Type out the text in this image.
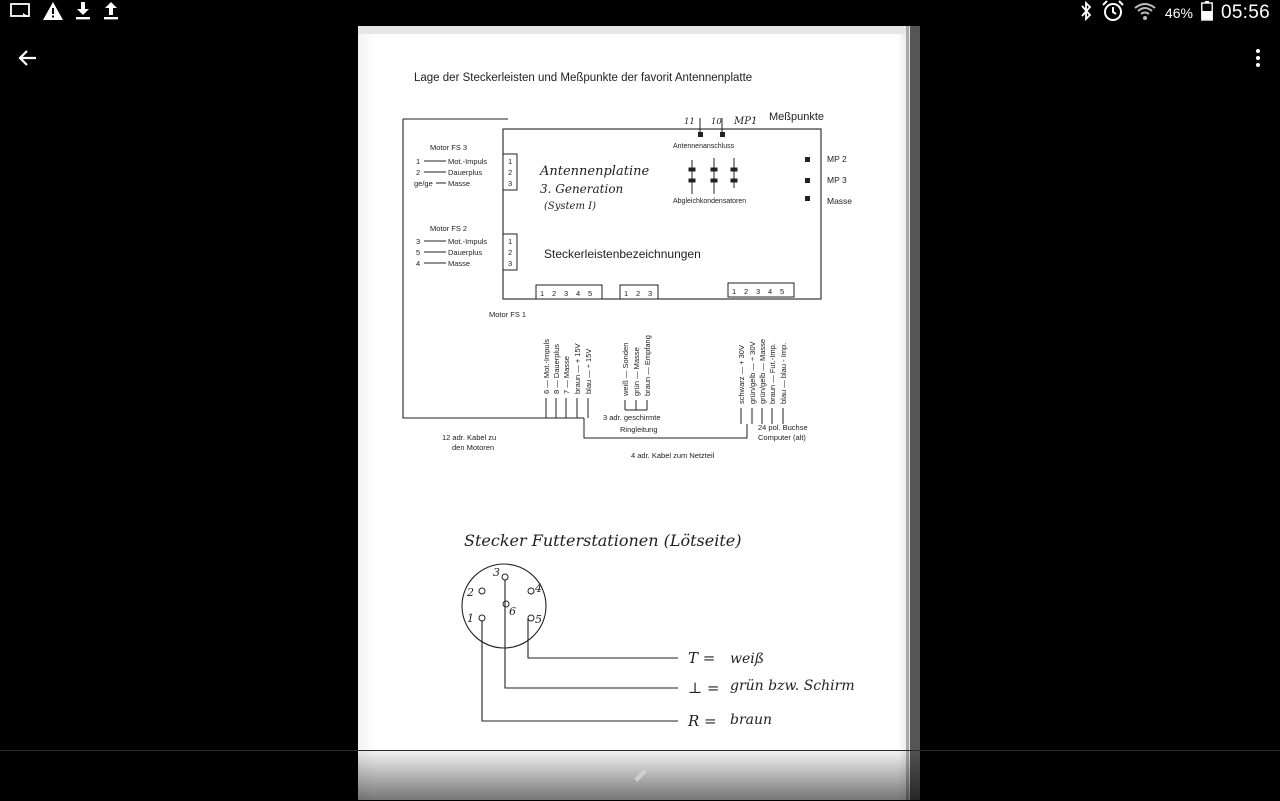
46% 05:56
Lage der Steckerleisten und Meßpunkte der favorit Antennenplatte
Meßpunkte
11 10 MP1
Antennenanschluss
Abgleichkondensatoren
MP 2
MP 3
Masse
Antennenplatine
3. Generation
(System I)
Steckerleistenbezeichnungen
Motor FS 3
1	Mot.-Impuls	1
2	Dauerplus	2
ge/ge Masse	3
Motor FS 2
3	Mot.-Impuls	1
5	Dauerplus	2
4	Masse	3
1 2 3 4 5
Motor FS 1
1 2 3	1 2 3 4 5
6 — Mot.-Impuls 8 — Dauerplus 7 — Masse braun — + 15V blau — ÷ 15V	weiß — Sonden grün — Masse braun — Empfang	schwarz — + 30V grün/gelb — ÷ 30V grün/gelb — Masse braun — Fut.-Imp. blau — blau - Imp.
3 adr. geschirmte
Ringleitung
12 adr. Kabel zu
den Motoren
24 pol. Buchse
Computer (alt)
4 adr. Kabel zum Netzteil
Stecker Futterstationen (Lötseite)
1
2
3
4
5
6
T = weiß
⊥ = grün bzw. Schirm
R = braun
